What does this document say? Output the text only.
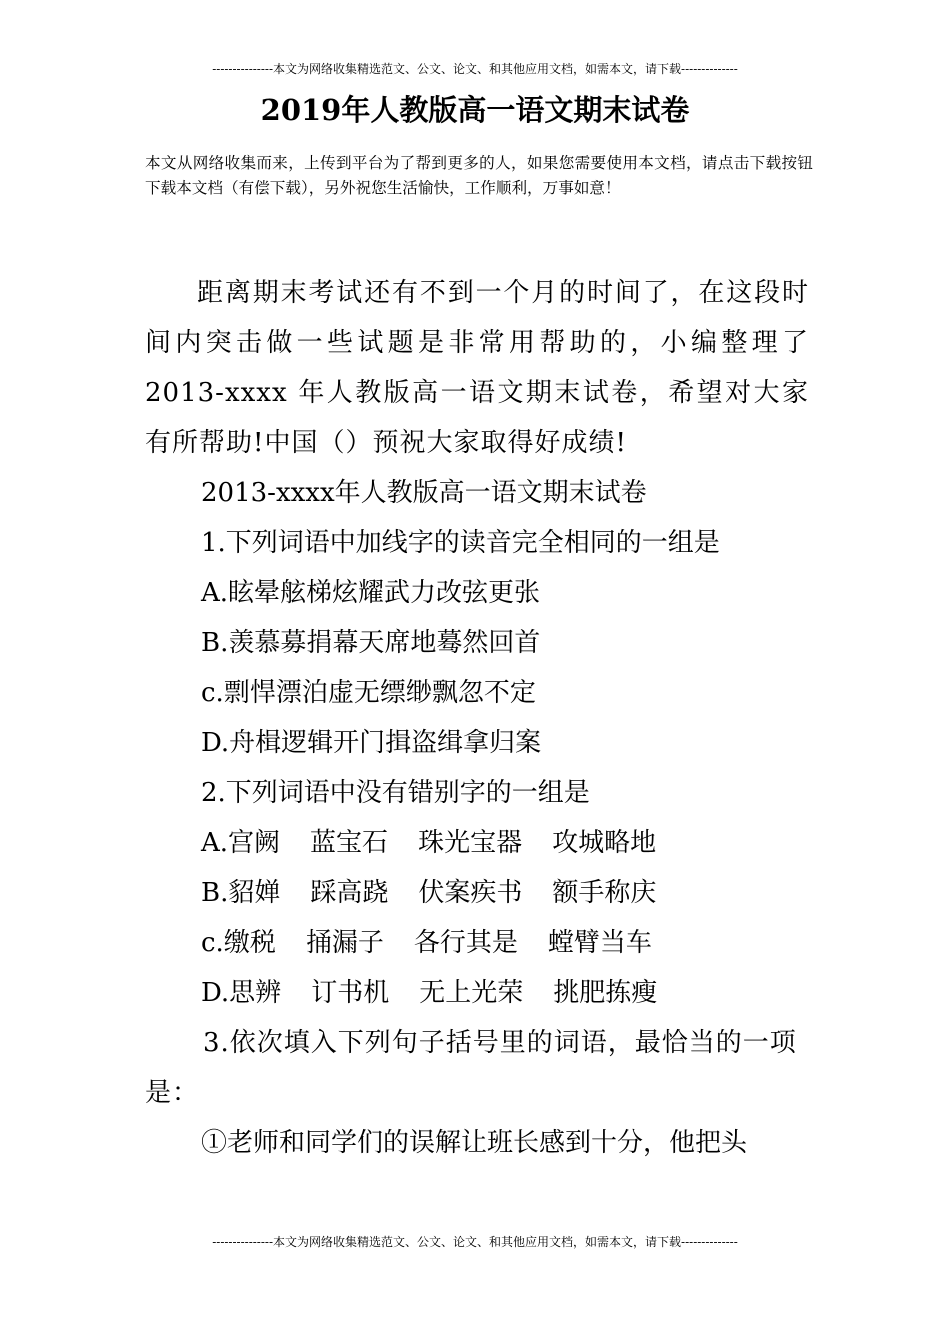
---------------本文为网络收集精选范文、公文、论文、和其他应用文档，如需本文，请下载--------------
2019年人教版高一语文期末试卷
本文从网络收集而来，上传到平台为了帮到更多的人，如果您需要使用本文档，请点击下载按钮下载本文档（有偿下载），另外祝您生活愉快，工作顺利，万事如意！

距离期末考试还有不到一个月的时间了，在这段时间内突击做一些试题是非常用帮助的，小编整理了2013-xxxx 年人教版高一语文期末试卷，希望对大家有所帮助!中国（）预祝大家取得好成绩!

2013-xxxx年人教版高一语文期末试卷

1.下列词语中加线字的读音完全相同的一组是

A.眩晕舷梯炫耀武力改弦更张

B.羡慕募捐幕天席地蓦然回首

c.剽悍漂泊虚无缥缈飘忽不定

D.舟楫逻辑开门揖盗缉拿归案

2.下列词语中没有错别字的一组是

A.宫阙 蓝宝石 珠光宝器 攻城略地

B.貂婵 踩高跷 伏案疾书 额手称庆

c.缴税 捅漏子 各行其是 螳臂当车

D.思辨 订书机 无上光荣 挑肥拣瘦

3.依次填入下列句子括号里的词语，最恰当的一项是：

①老师和同学们的误解让班长感到十分，他把头

---------------本文为网络收集精选范文、公文、论文、和其他应用文档，如需本文，请下载--------------
